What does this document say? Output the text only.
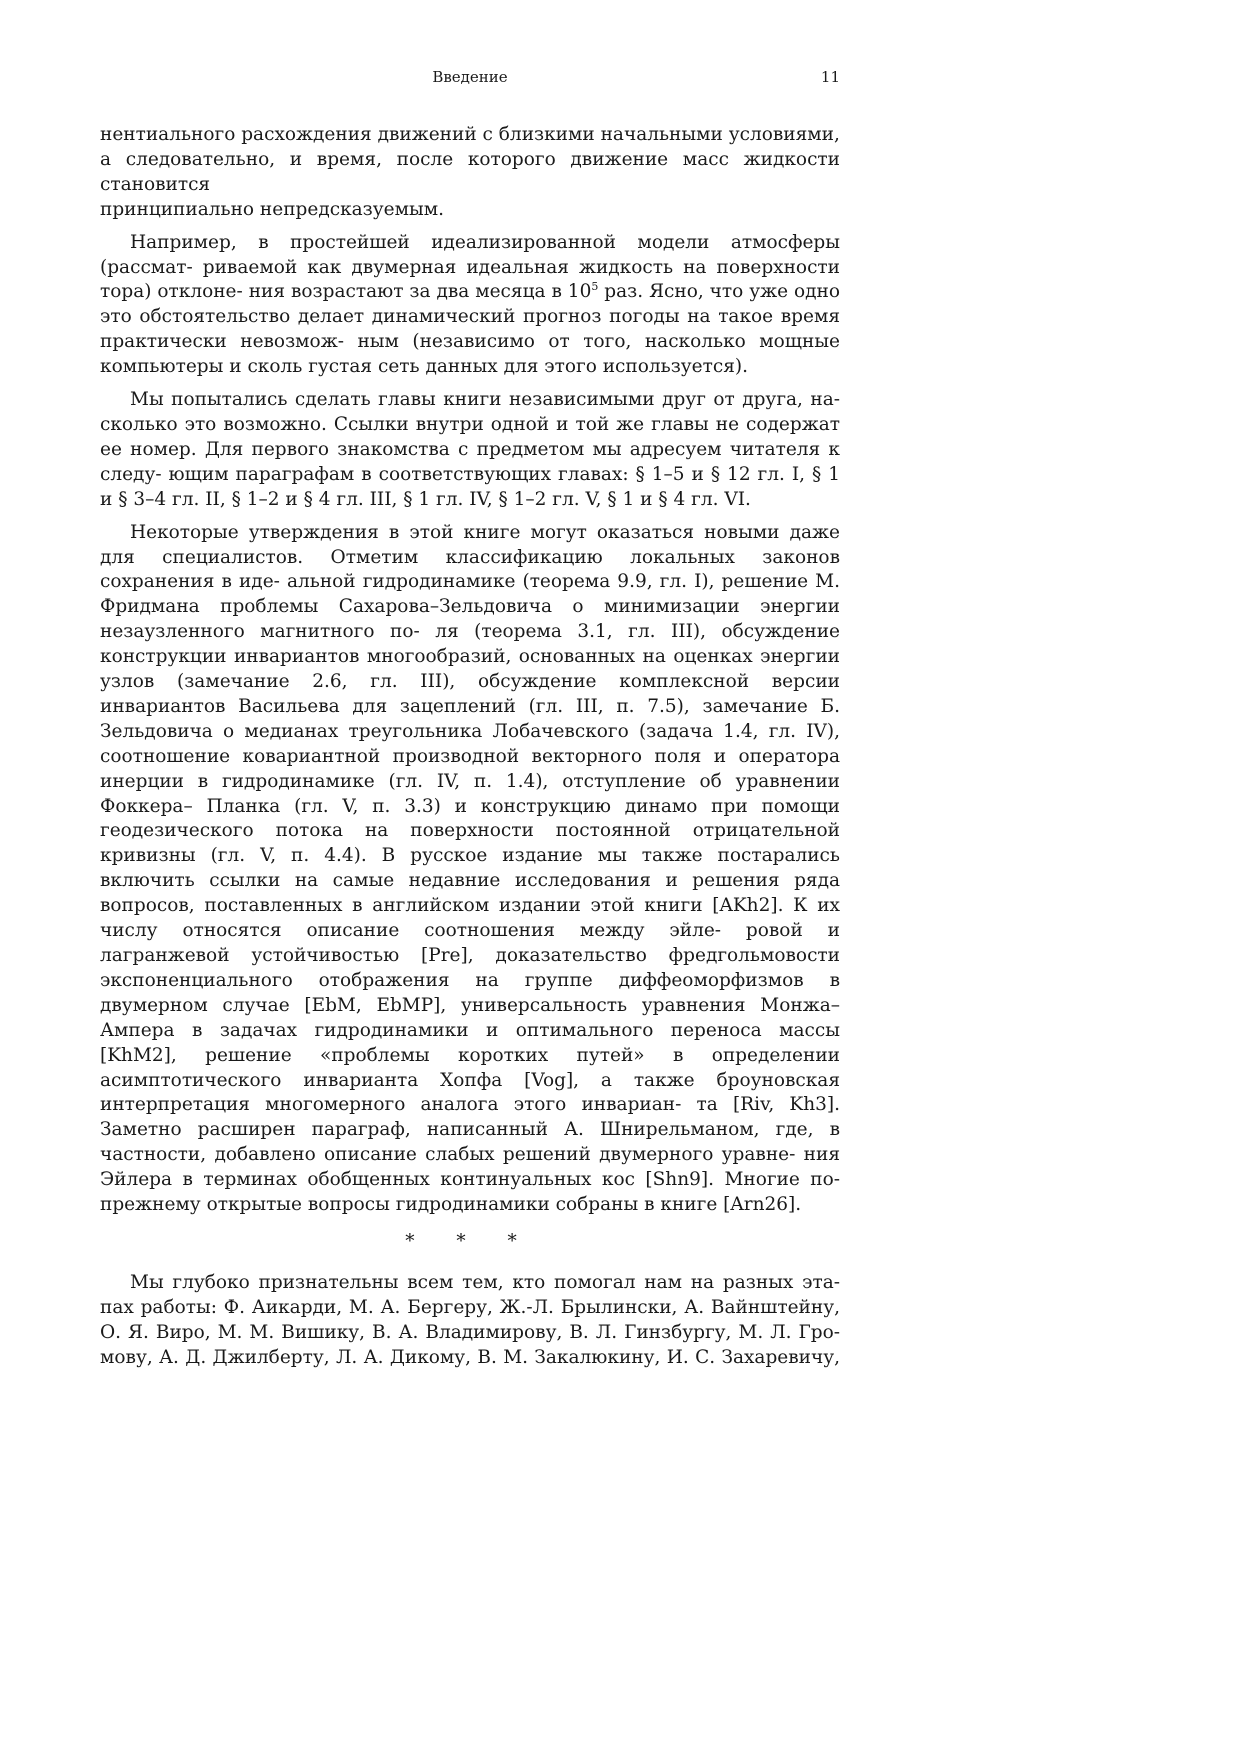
Введение	11

нентиального расхождения движений с близкими начальными условиями,
а следовательно, и время, после которого движение масс жидкости становится
принципиально непредсказуемым.

Например, в простейшей идеализированной модели атмосферы (рассмат- риваемой как двумерная идеальная жидкость на поверхности тора) отклоне- ния возрастают за два месяца в $10^5$ раз. Ясно, что уже одно это обстоятельство делает динамический прогноз погоды на такое время практически невозмож- ным (независимо от того, насколько мощные компьютеры и сколь густая сеть данных для этого используется).

Мы попытались сделать главы книги независимыми друг от друга, на- сколько это возможно. Ссылки внутри одной и той же главы не содержат ее номер. Для первого знакомства с предметом мы адресуем читателя к следу- ющим параграфам в соответствующих главах: § 1–5 и § 12 гл. I, § 1 и § 3–4 гл. II, § 1–2 и § 4 гл. III, § 1 гл. IV, § 1–2 гл. V, § 1 и § 4 гл. VI.

Некоторые утверждения в этой книге могут оказаться новыми даже для специалистов. Отметим классификацию локальных законов сохранения в иде- альной гидродинамике (теорема 9.9, гл. I), решение М. Фридмана проблемы Сахарова–Зельдовича о минимизации энергии незаузленного магнитного по- ля (теорема 3.1, гл. III), обсуждение конструкции инвариантов многообразий, основанных на оценках энергии узлов (замечание 2.6, гл. III), обсуждение комплексной версии инвариантов Васильева для зацеплений (гл. III, п. 7.5), замечание Б. Зельдовича о медианах треугольника Лобачевского (задача 1.4, гл. IV), соотношение ковариантной производной векторного поля и оператора инерции в гидродинамике (гл. IV, п. 1.4), отступление об уравнении Фоккера– Планка (гл. V, п. 3.3) и конструкцию динамо при помощи геодезического потока на поверхности постоянной отрицательной кривизны (гл. V, п. 4.4). В русское издание мы также постарались включить ссылки на самые недавние исследования и решения ряда вопросов, поставленных в английском издании этой книги [AKh2]. К их числу относятся описание соотношения между эйле- ровой и лагранжевой устойчивостью [Pre], доказательство фредгольмовости экспоненциального отображения на группе диффеоморфизмов в двумерном случае [EbM, EbMP], универсальность уравнения Монжа–Ампера в задачах гидродинамики и оптимального переноса массы [KhM2], решение «проблемы коротких путей» в определении асимптотического инварианта Хопфа [Vog], а также броуновская интерпретация многомерного аналога этого инвариан- та [Riv, Kh3]. Заметно расширен параграф, написанный А. Шнирельманом, где, в частности, добавлено описание слабых решений двумерного уравне- ния Эйлера в терминах обобщенных континуальных кос [Shn9]. Многие по- прежнему открытые вопросы гидродинамики собраны в книге [Arn26].

* * *

Мы глубоко признательны всем тем, кто помогал нам на разных эта- пах работы: Ф. Аикарди, М. А. Бергеру, Ж.-Л. Брылински, А. Вайнштейну, О. Я. Виро, М. М. Вишику, В. А. Владимирову, В. Л. Гинзбургу, М. Л. Гро- мову, А. Д. Джилберту, Л. А. Дикому, В. М. Закалюкину, И. С. Захаревичу,
